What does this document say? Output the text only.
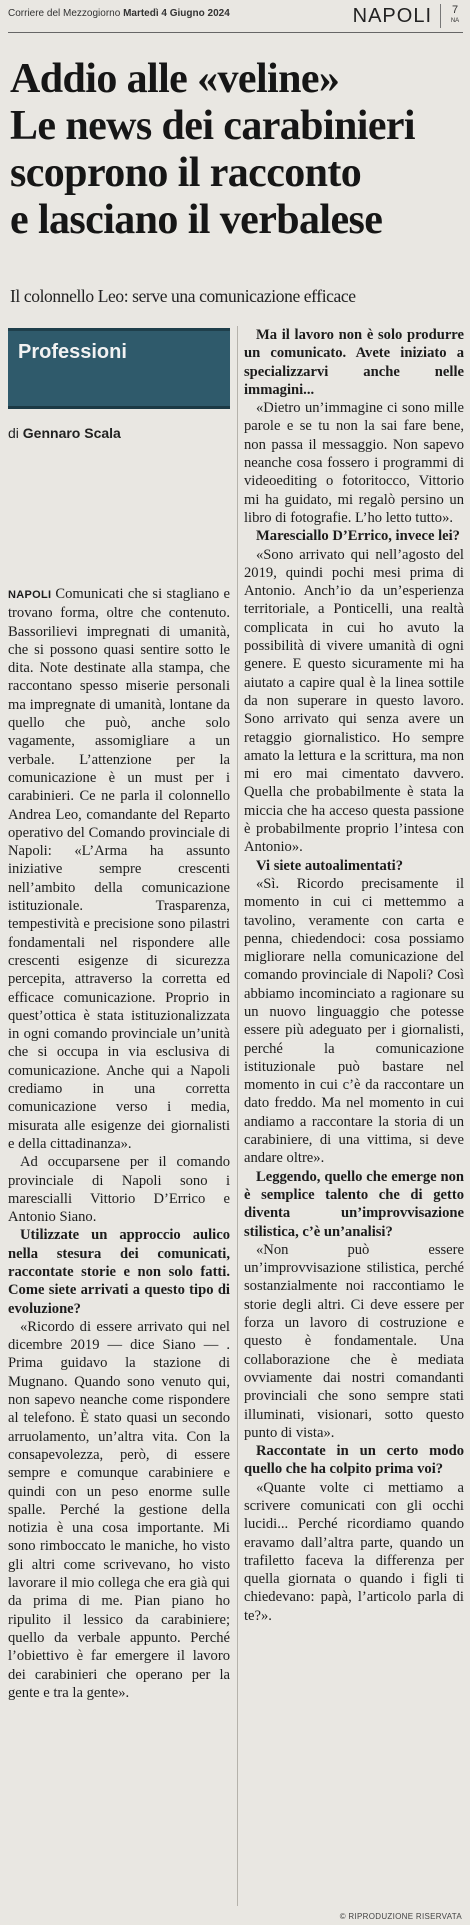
Corriere del Mezzogiorno Martedì 4 Giugno 2024	NAPOLI	7
NA
Addio alle «veline»
Le news dei carabinieri
scoprono il racconto
e lasciano il verbalese
Il colonnello Leo: serve una comunicazione efficace
Professioni
di Gennaro Scala

NAPOLI Comunicati che si stagliano e trovano forma, oltre che contenuto. Bassorilievi impregnati di umanità, che si possono quasi sentire sotto le dita. Note destinate alla stampa, che raccontano spesso miserie personali ma impregnate di umanità, lontane da quello che può, anche solo vagamente, assomigliare a un verbale. L’attenzione per la comunicazione è un must per i carabinieri. Ce ne parla il colonnello Andrea Leo, comandante del Reparto operativo del Comando provinciale di Napoli: «L’Arma ha assunto iniziative sempre crescenti nell’ambito della comunicazione istituzionale. Trasparenza, tempestività e precisione sono pilastri fondamentali nel rispondere alle crescenti esigenze di sicurezza percepita, attraverso la corretta ed efficace comunicazione. Proprio in quest’ottica è stata istituzionalizzata in ogni comando provinciale un’unità che si occupa in via esclusiva di comunicazione. Anche qui a Napoli crediamo in una corretta comunicazione verso i media, misurata alle esigenze dei giornalisti e della cittadinanza».

Ad occuparsene per il comando provinciale di Napoli sono i marescialli Vittorio D’Errico e Antonio Siano.

Utilizzate un approccio aulico nella stesura dei comunicati, raccontate storie e non solo fatti. Come siete arrivati a questo tipo di evoluzione?

«Ricordo di essere arrivato qui nel dicembre 2019 — dice Siano — . Prima guidavo la stazione di Mugnano. Quando sono venuto qui, non sapevo neanche come rispondere al telefono. È stato quasi un secondo arruolamento, un’altra vita. Con la consapevolezza, però, di essere sempre e comunque carabiniere e quindi con un peso enorme sulle spalle. Perché la gestione della notizia è una cosa importante. Mi sono rimboccato le maniche, ho visto gli altri come scrivevano, ho visto lavorare il mio collega che era già qui da prima di me. Pian piano ho ripulito il lessico da carabiniere; quello da verbale appunto. Perché l’obiettivo è far emergere il lavoro dei carabinieri che operano per la gente e tra la gente».

Ma il lavoro non è solo produrre un comunicato. Avete iniziato a specializzarvi anche nelle immagini...

«Dietro un’immagine ci sono mille parole e se tu non la sai fare bene, non passa il messaggio. Non sapevo neanche cosa fossero i programmi di videoediting o fotoritocco, Vittorio mi ha guidato, mi regalò persino un libro di fotografie. L’ho letto tutto».

Maresciallo D’Errico, invece lei?

«Sono arrivato qui nell’agosto del 2019, quindi pochi mesi prima di Antonio. Anch’io da un’esperienza territoriale, a Ponticelli, una realtà complicata in cui ho avuto la possibilità di vivere umanità di ogni genere. E questo sicuramente mi ha aiutato a capire qual è la linea sottile da non superare in questo lavoro. Sono arrivato qui senza avere un retaggio giornalistico. Ho sempre amato la lettura e la scrittura, ma non mi ero mai cimentato davvero. Quella che probabilmente è stata la miccia che ha acceso questa passione è probabilmente proprio l’intesa con Antonio».

Vi siete autoalimentati?

«Sì. Ricordo precisamente il momento in cui ci mettemmo a tavolino, veramente con carta e penna, chiedendoci: cosa possiamo migliorare nella comunicazione del comando provinciale di Napoli? Così abbiamo incominciato a ragionare su un nuovo linguaggio che potesse essere più adeguato per i giornalisti, perché la comunicazione istituzionale può bastare nel momento in cui c’è da raccontare un dato freddo. Ma nel momento in cui andiamo a raccontare la storia di un carabiniere, di una vittima, si deve andare oltre».

Leggendo, quello che emerge non è semplice talento che di getto diventa un’improvvisazione stilistica, c’è un’analisi?

«Non può essere un’improvvisazione stilistica, perché sostanzialmente noi raccontiamo le storie degli altri. Ci deve essere per forza un lavoro di costruzione e questo è fondamentale. Una collaborazione che è mediata ovviamente dai nostri comandanti provinciali che sono sempre stati illuminati, visionari, sotto questo punto di vista».

Raccontate in un certo modo quello che ha colpito prima voi?

«Quante volte ci mettiamo a scrivere comunicati con gli occhi lucidi... Perché ricordiamo quando eravamo dall’altra parte, quando un trafiletto faceva la differenza per quella giornata o quando i figli ti chiedevano: papà, l’articolo parla di te?».

© RIPRODUZIONE RISERVATA
